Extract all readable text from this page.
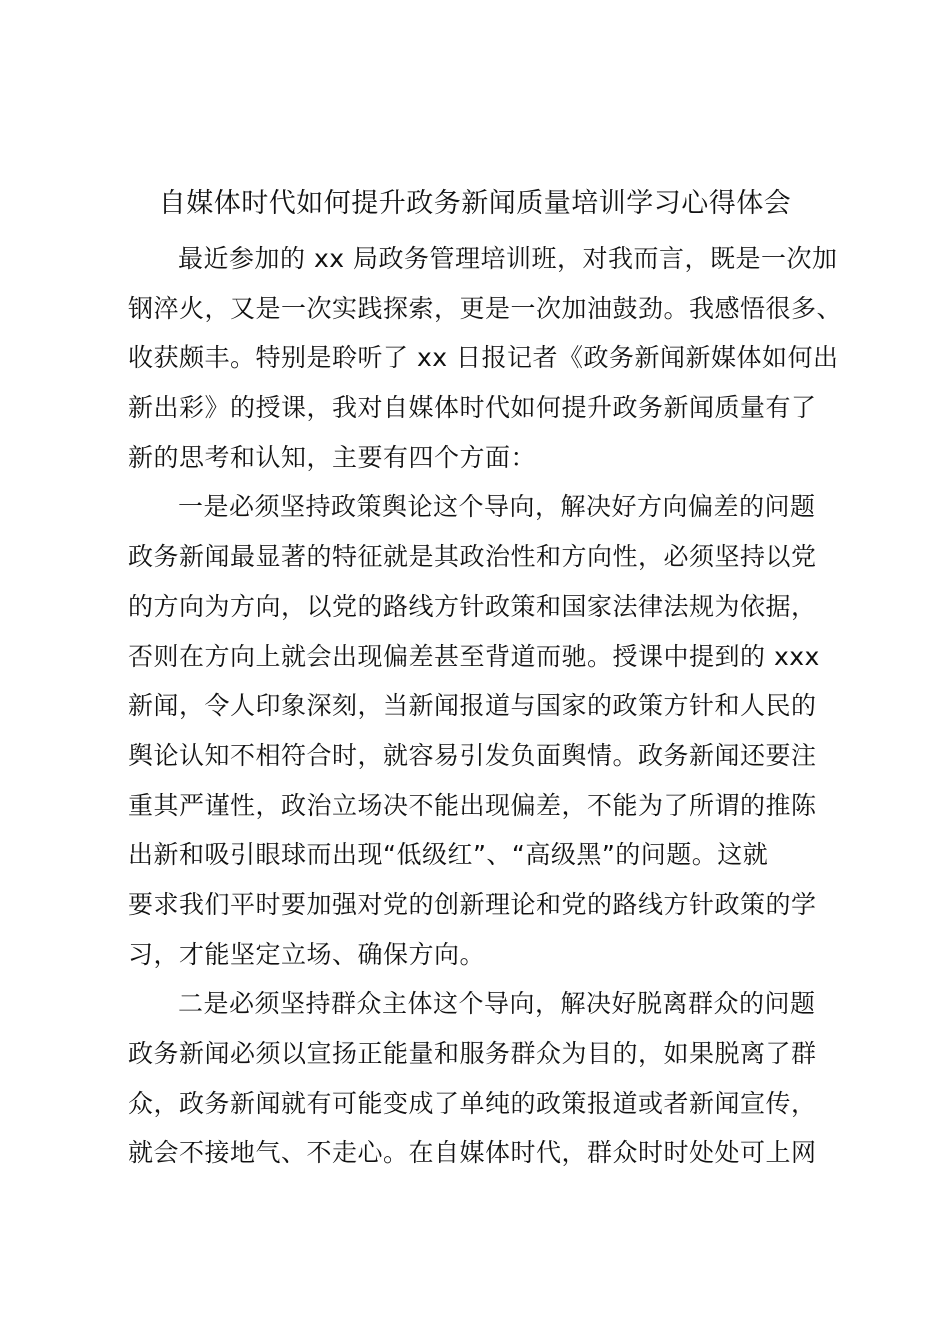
自媒体时代如何提升政务新闻质量培训学习心得体会
最近参加的 xx 局政务管理培训班，对我而言，既是一次加
钢淬火，又是一次实践探索，更是一次加油鼓劲。我感悟很多、
收获颇丰。特别是聆听了 xx 日报记者《政务新闻新媒体如何出
新出彩》的授课，我对自媒体时代如何提升政务新闻质量有了
新的思考和认知，主要有四个方面：
一是必须坚持政策舆论这个导向，解决好方向偏差的问题
政务新闻最显著的特征就是其政治性和方向性，必须坚持以党
的方向为方向，以党的路线方针政策和国家法律法规为依据，
否则在方向上就会出现偏差甚至背道而驰。授课中提到的 xxx
新闻，令人印象深刻，当新闻报道与国家的政策方针和人民的
舆论认知不相符合时，就容易引发负面舆情。政务新闻还要注
重其严谨性，政治立场决不能出现偏差，不能为了所谓的推陈
出新和吸引眼球而出现“低级红”、“高级黑”的问题。这就
要求我们平时要加强对党的创新理论和党的路线方针政策的学
习，才能坚定立场、确保方向。
二是必须坚持群众主体这个导向，解决好脱离群众的问题
政务新闻必须以宣扬正能量和服务群众为目的，如果脱离了群
众，政务新闻就有可能变成了单纯的政策报道或者新闻宣传，
就会不接地气、不走心。在自媒体时代，群众时时处处可上网
